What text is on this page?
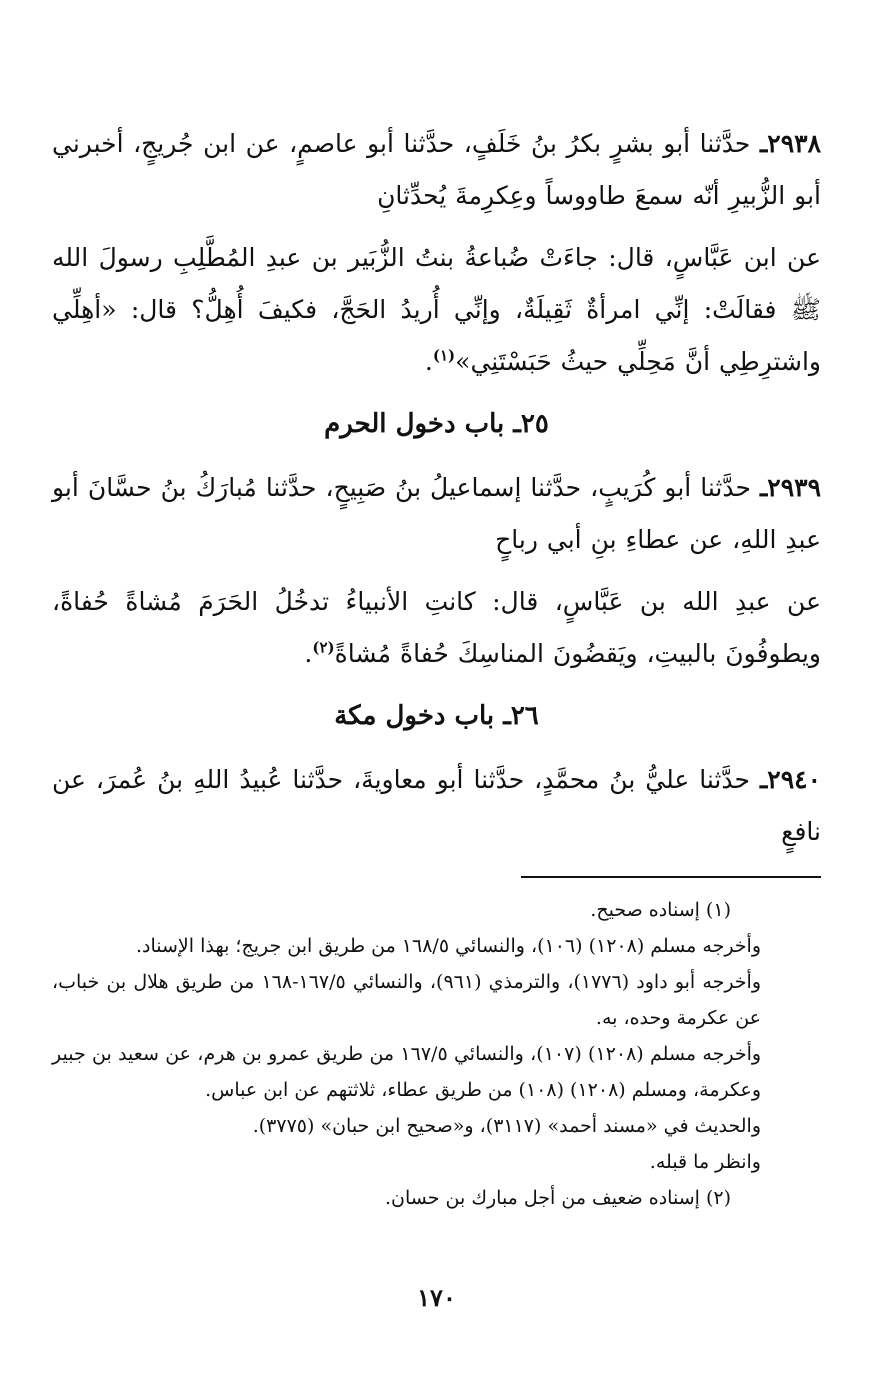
٢٩٣٨ـ حدَّثنا أبو بشرٍ بكرُ بنُ خَلَفٍ، حدَّثنا أبو عاصمٍ، عن ابن جُريجٍ، أخبرني أبو الزُّبيرِ أنّه سمعَ طاووساً وعِكرِمةَ يُحدِّثانِ

عن ابن عَبَّاسٍ، قال: جاءَتْ ضُباعةُ بنتُ الزُّبَير بن عبدِ المُطَّلِبِ رسولَ الله ﷺ فقالَتْ: إنِّي امرأةٌ ثَقِيلَةٌ، وإنِّي أُريدُ الحَجَّ، فكيفَ أُهِلُّ؟ قال: «أهِلِّي واشترِطِي أنَّ مَحِلِّي حيثُ حَبَسْتَنِي»$^{(١)}$.

٢٥ـ باب دخول الحرم

٢٩٣٩ـ حدَّثنا أبو كُرَيبٍ، حدَّثنا إسماعيلُ بنُ صَبِيحٍ، حدَّثنا مُبارَكُ بنُ حسَّانَ أبو عبدِ اللهِ، عن عطاءِ بنِ أبي رباحٍ

عن عبدِ الله بن عَبَّاسٍ، قال: كانتِ الأنبياءُ تدخُلُ الحَرَمَ مُشاةً حُفاةً، ويطوفُونَ بالبيتِ، ويَقضُونَ المناسِكَ حُفاةً مُشاةً$^{(٢)}$.

٢٦ـ باب دخول مكة

٢٩٤٠ـ حدَّثنا عليُّ بنُ محمَّدٍ، حدَّثنا أبو معاويةَ، حدَّثنا عُبيدُ اللهِ بنُ عُمرَ، عن نافعٍ

(١) إسناده صحيح.

وأخرجه مسلم (١٢٠٨) (١٠٦)، والنسائي ١٦٨/٥ من طريق ابن جريج؛ بهذا الإسناد.

وأخرجه أبو داود (١٧٧٦)، والترمذي (٩٦١)، والنسائي ١٦٧/٥-١٦٨ من طريق هلال بن خباب، عن عكرمة وحده، به.

وأخرجه مسلم (١٢٠٨) (١٠٧)، والنسائي ١٦٧/٥ من طريق عمرو بن هرم، عن سعيد بن جبير وعكرمة، ومسلم (١٢٠٨) (١٠٨) من طريق عطاء، ثلاثتهم عن ابن عباس.

والحديث في «مسند أحمد» (٣١١٧)، و«صحيح ابن حبان» (٣٧٧٥).

وانظر ما قبله.

(٢) إسناده ضعيف من أجل مبارك بن حسان.

١٧٠
